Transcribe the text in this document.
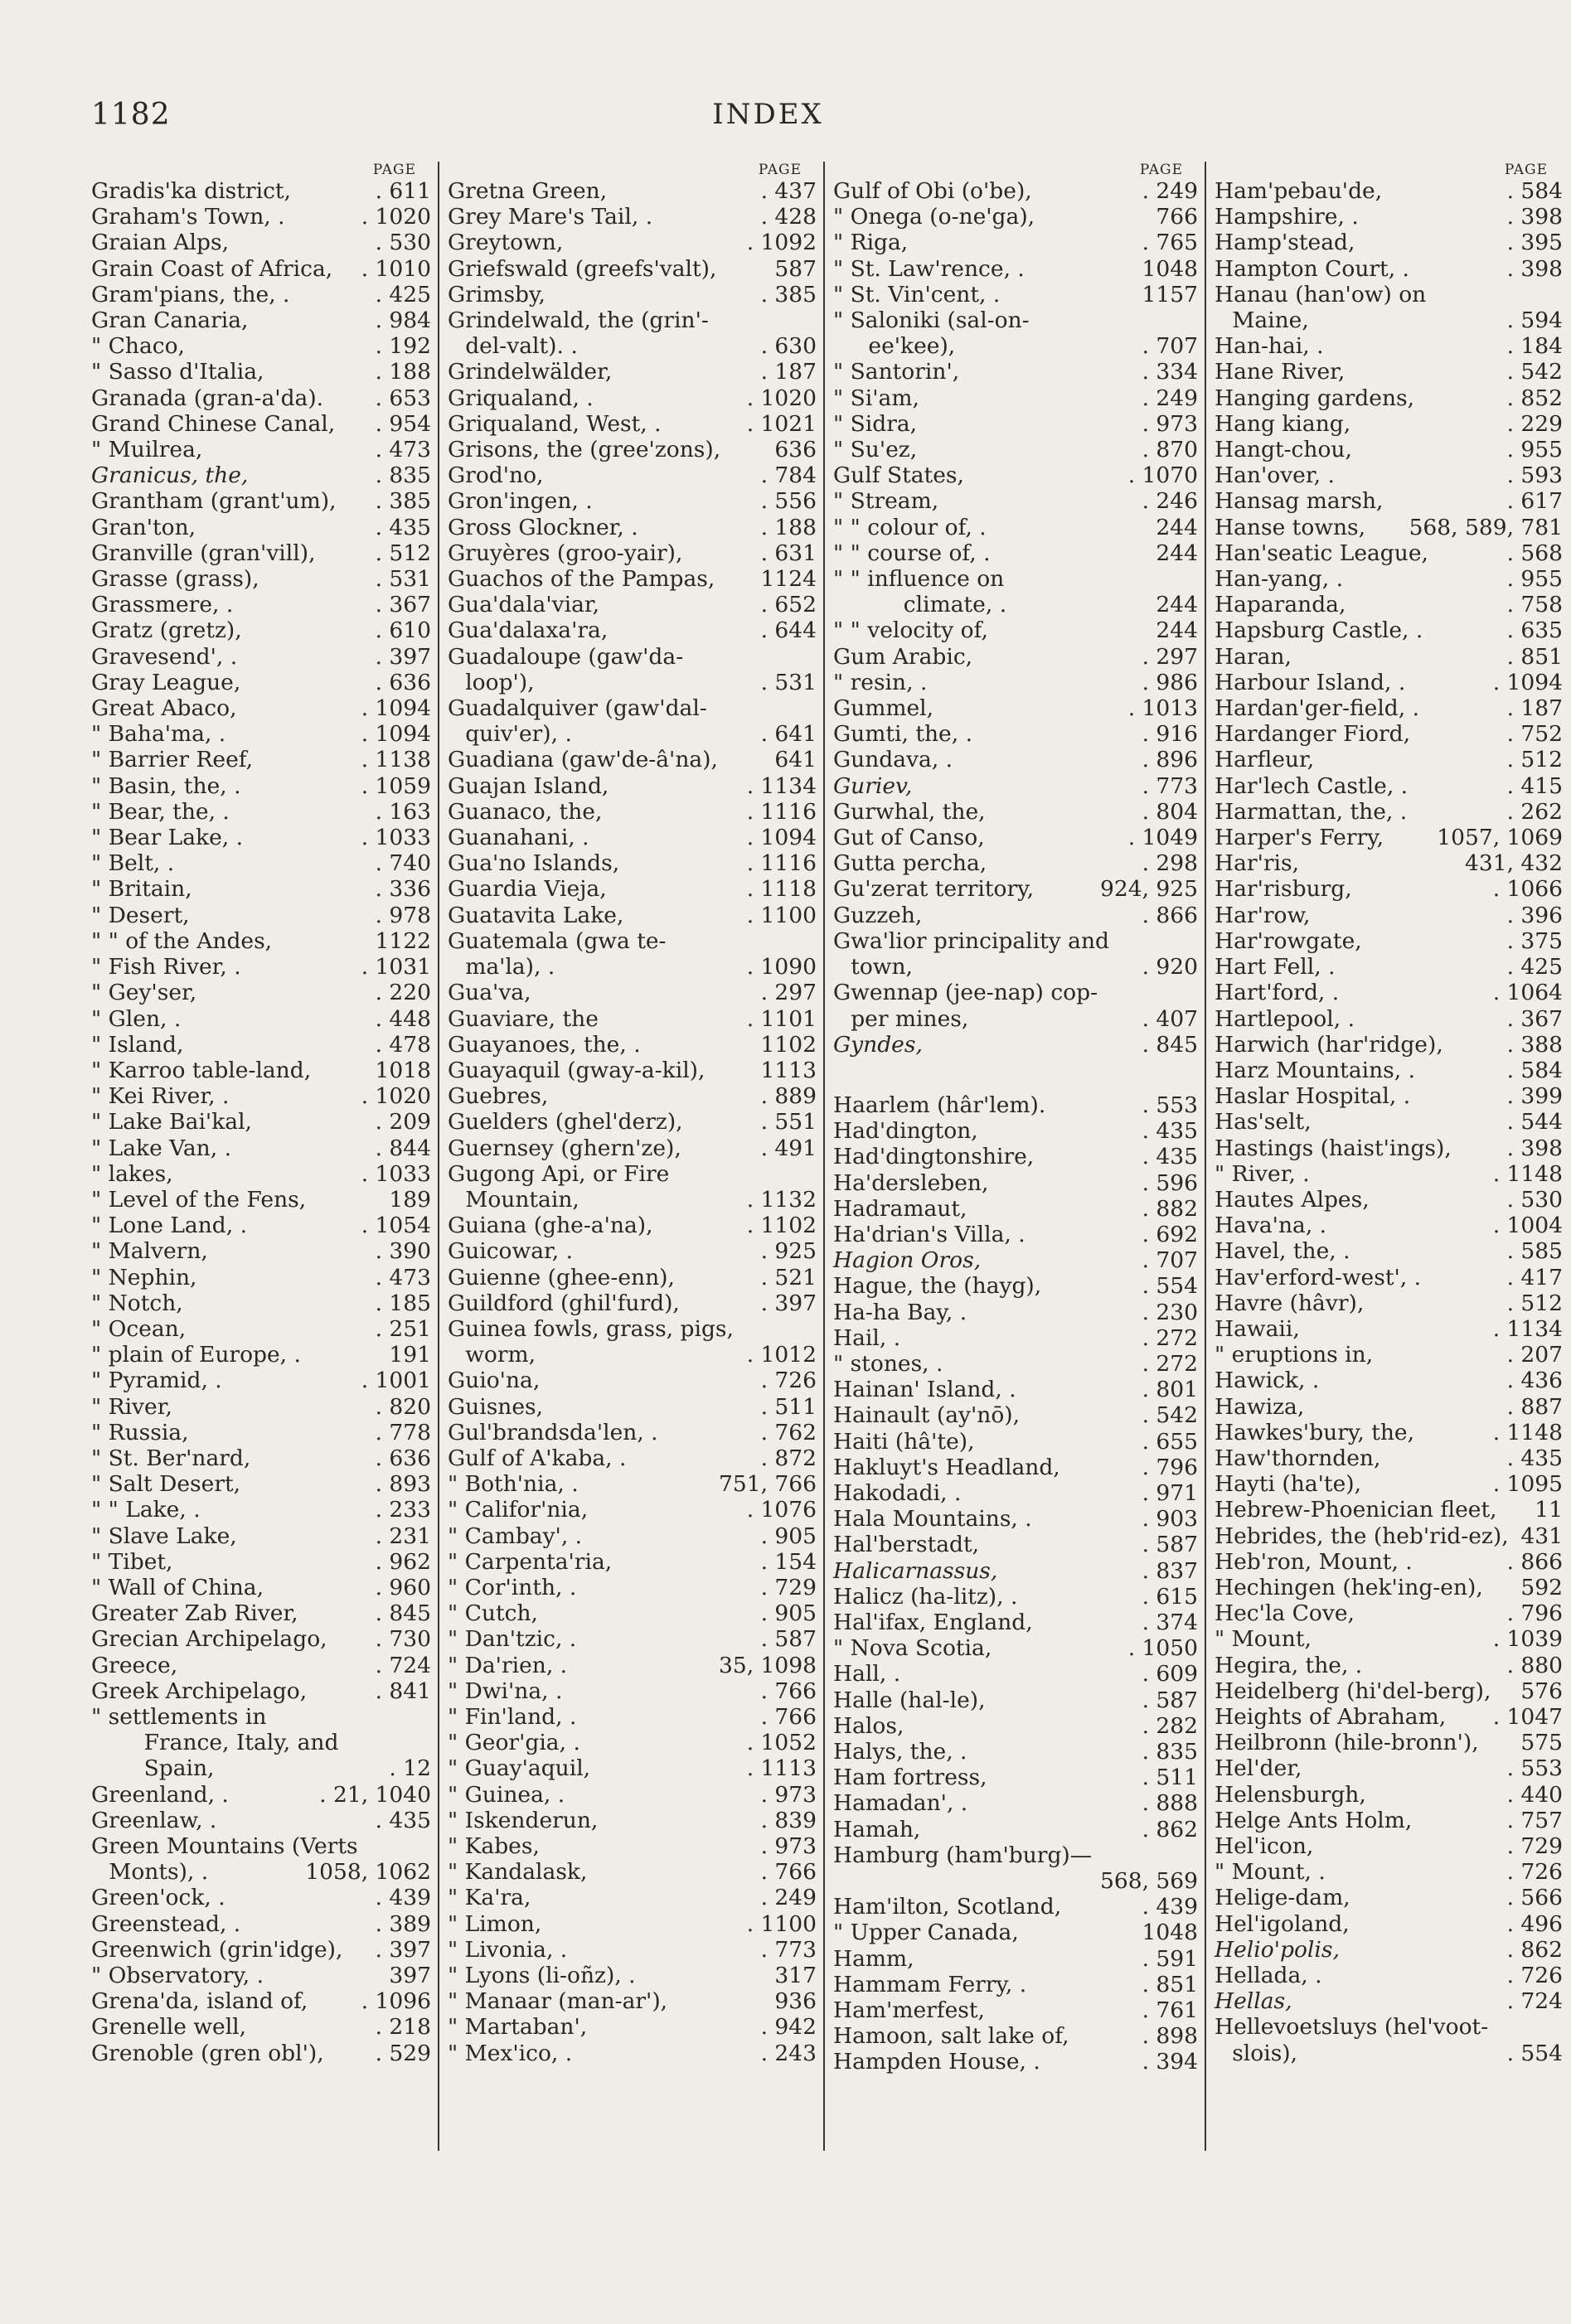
1182	INDEX
PAGE
Gradis'ka district,	. 611
Graham's Town, .	. 1020
Graian Alps,	. 530
Grain Coast of Africa, . 1010
Gram'pians, the, .	. 425
Gran Canaria,	. 984
" Chaco,	. 192
" Sasso d'Italia,	. 188
Granada (gran-a'da). . 653
Grand Chinese Canal, . 954
" Muilrea,	. 473
Granicus, the,	. 835
Grantham (grant'um), . 385
Gran'ton,	. 435
Granville (gran'vill),	. 512
Grasse (grass),	. 531
Grassmere, .	. 367
Gratz (gretz),	. 610
Gravesend', .	. 397
Gray League,	. 636
Great Abaco,	. 1094
" Baha'ma, .	. 1094
" Barrier Reef,	. 1138
" Basin, the, .	. 1059
" Bear, the, .	. 163
" Bear Lake, .	. 1033
" Belt, .	. 740
" Britain,	. 336
" Desert,	. 978
" " of the Andes,	1122
" Fish River, .	. 1031
" Gey'ser,	. 220
" Glen, .	. 448
" Island,	. 478
" Karroo table-land,	1018
" Kei River, .	. 1020
" Lake Bai'kal,	. 209
" Lake Van, .	. 844
" lakes,	. 1033
" Level of the Fens,	189
" Lone Land, .	. 1054
" Malvern,	. 390
" Nephin,	. 473
" Notch,	. 185
" Ocean,	. 251
" plain of Europe, .	191
" Pyramid, .	. 1001
" River,	. 820
" Russia,	. 778
" St. Ber'nard,	. 636
" Salt Desert,	. 893
" " Lake, .	. 233
" Slave Lake,	. 231
" Tibet,	. 962
" Wall of China,	. 960
Greater Zab River,	. 845
Grecian Archipelago, . 730
Greece,	. 724
Greek Archipelago,	. 841
" settlements in
France, Italy, and
Spain,	. 12
Greenland, .	. 21, 1040
Greenlaw, .	. 435
Green Mountains (Verts
Monts), .	1058, 1062
Green'ock, .	. 439
Greenstead, .	. 389
Greenwich (grin'idge), . 397
" Observatory, .	397
Grena'da, island of, . 1096
Grenelle well,	. 218
Grenoble (gren obl'), . 529
PAGE
Gretna Green,	. 437
Grey Mare's Tail, .	. 428
Greytown,	. 1092
Griefswald (greefs'valt),	587
Grimsby,	. 385
Grindelwald, the (grin'-
del-valt). .	. 630
Grindelwälder,	. 187
Griqualand, .	. 1020
Griqualand, West, .	. 1021
Grisons, the (gree'zons), 636
Grod'no,	. 784
Gron'ingen, .	. 556
Gross Glockner, .	. 188
Gruyères (groo-yair),	. 631
Guachos of the Pampas, 1124
Gua'dala'viar,	. 652
Gua'dalaxa'ra,	. 644
Guadaloupe (gaw'da-
loop'),	. 531
Guadalquiver (gaw'dal-
quiv'er), .	. 641
Guadiana (gaw'de-â'na),	641
Guajan Island,	. 1134
Guanaco, the,	. 1116
Guanahani, .	. 1094
Gua'no Islands,	. 1116
Guardia Vieja,	. 1118
Guatavita Lake,	. 1100
Guatemala (gwa te-
ma'la), .	. 1090
Gua'va,	. 297
Guaviare, the	. 1101
Guayanoes, the, .	1102
Guayaquil (gway-a-kil),	1113
Guebres,	. 889
Guelders (ghel'derz),	. 551
Guernsey (ghern'ze),	. 491
Gugong Api, or Fire
Mountain,	. 1132
Guiana (ghe-a'na),	. 1102
Guicowar, .	. 925
Guienne (ghee-enn),	. 521
Guildford (ghil'furd),	. 397
Guinea fowls, grass, pigs,
worm,	. 1012
Guio'na,	. 726
Guisnes,	. 511
Gul'brandsda'len, .	. 762
Gulf of A'kaba, .	. 872
" Both'nia, .	751, 766
" Califor'nia,	. 1076
" Cambay', .	. 905
" Carpenta'ria,	. 154
" Cor'inth, .	. 729
" Cutch,	. 905
" Dan'tzic, .	. 587
" Da'rien, .	35, 1098
" Dwi'na, .	. 766
" Fin'land, .	. 766
" Geor'gia, .	. 1052
" Guay'aquil,	. 1113
" Guinea, .	. 973
" Iskenderun,	. 839
" Kabes,	. 973
" Kandalask,	. 766
" Ka'ra,	. 249
" Limon,	. 1100
" Livonia, .	. 773
" Lyons (li-oñz), .	317
" Manaar (man-ar'),	936
" Martaban',	. 942
" Mex'ico, .	. 243
PAGE
Gulf of Obi (o'be),	. 249
" Onega (o-ne'ga),	766
" Riga,	. 765
" St. Law'rence, .	1048
" St. Vin'cent, .	1157
" Saloniki (sal-on-
ee'kee),	. 707
" Santorin',	. 334
" Si'am,	. 249
" Sidra,	. 973
" Su'ez,	. 870
Gulf States,	. 1070
" Stream,	. 246
" " colour of, .	244
" " course of, .	244
" " influence on
climate, .	244
" " velocity of,	244
Gum Arabic,	. 297
" resin, .	. 986
Gummel,	. 1013
Gumti, the, .	. 916
Gundava, .	. 896
Guriev,	. 773
Gurwhal, the,	. 804
Gut of Canso,	. 1049
Gutta percha,	. 298
Gu'zerat territory,	924, 925
Guzzeh,	. 866
Gwa'lior principality and
town,	. 920
Gwennap (jee-nap) cop-
per mines,	. 407
Gyndes,	. 845
Haarlem (hâr'lem).	. 553
Had'dington,	. 435
Had'dingtonshire,	. 435
Ha'dersleben,	. 596
Hadramaut,	. 882
Ha'drian's Villa, .	. 692
Hagion Oros,	. 707
Hague, the (hayg),	. 554
Ha-ha Bay, .	. 230
Hail, .	. 272
" stones, .	. 272
Hainan' Island, .	. 801
Hainault (ay'nō),	. 542
Haiti (hâ'te),	. 655
Hakluyt's Headland,	. 796
Hakodadi, .	. 971
Hala Mountains, .	. 903
Hal'berstadt,	. 587
Halicarnassus,	. 837
Halicz (ha-litz), .	. 615
Hal'ifax, England,	. 374
" Nova Scotia,	. 1050
Hall, .	. 609
Halle (hal-le),	. 587
Halos,	. 282
Halys, the, .	. 835
Ham fortress,	. 511
Hamadan', .	. 888
Hamah,	. 862
Hamburg (ham'burg)—
568, 569
Ham'ilton, Scotland,	. 439
" Upper Canada,	1048
Hamm,	. 591
Hammam Ferry, .	. 851
Ham'merfest,	. 761
Hamoon, salt lake of,	. 898
Hampden House, .	. 394
PAGE
Ham'pebau'de,	. 584
Hampshire, .	. 398
Hamp'stead,	. 395
Hampton Court, .	. 398
Hanau (han'ow) on
Maine,	. 594
Han-hai, .	. 184
Hane River,	. 542
Hanging gardens,	. 852
Hang kiang,	. 229
Hangt-chou,	. 955
Han'over, .	. 593
Hansag marsh,	. 617
Hanse towns, 568, 589, 781
Han'seatic League,	. 568
Han-yang, .	. 955
Haparanda,	. 758
Hapsburg Castle, .	. 635
Haran,	. 851
Harbour Island, .	. 1094
Hardan'ger-field, .	. 187
Hardanger Fiord,	. 752
Harfleur,	. 512
Har'lech Castle, .	. 415
Harmattan, the, .	. 262
Harper's Ferry, 1057, 1069
Har'ris,	431, 432
Har'risburg,	. 1066
Har'row,	. 396
Har'rowgate,	. 375
Hart Fell, .	. 425
Hart'ford, .	. 1064
Hartlepool, .	. 367
Harwich (har'ridge),	. 388
Harz Mountains, .	. 584
Haslar Hospital, .	. 399
Has'selt,	. 544
Hastings (haist'ings),	. 398
" River, .	. 1148
Hautes Alpes,	. 530
Hava'na, .	. 1004
Havel, the, .	. 585
Hav'erford-west', .	. 417
Havre (hâvr),	. 512
Hawaii,	. 1134
" eruptions in,	. 207
Hawick, .	. 436
Hawiza,	. 887
Hawkes'bury, the,	. 1148
Haw'thornden,	. 435
Hayti (ha'te),	. 1095
Hebrew-Phoenician fleet, 11
Hebrides, the (heb'rid-ez), 431
Heb'ron, Mount, .	. 866
Hechingen (hek'ing-en), 592
Hec'la Cove,	. 796
" Mount,	. 1039
Hegira, the, .	. 880
Heidelberg (hi'del-berg), 576
Heights of Abraham, . 1047
Heilbronn (hile-bronn'), 575
Hel'der,	. 553
Helensburgh,	. 440
Helge Ants Holm,	. 757
Hel'icon,	. 729
" Mount, .	. 726
Helige-dam,	. 566
Hel'igoland,	. 496
Helio'polis,	. 862
Hellada, .	. 726
Hellas,	. 724
Hellevoetsluys (hel'voot-
slois),	. 554
